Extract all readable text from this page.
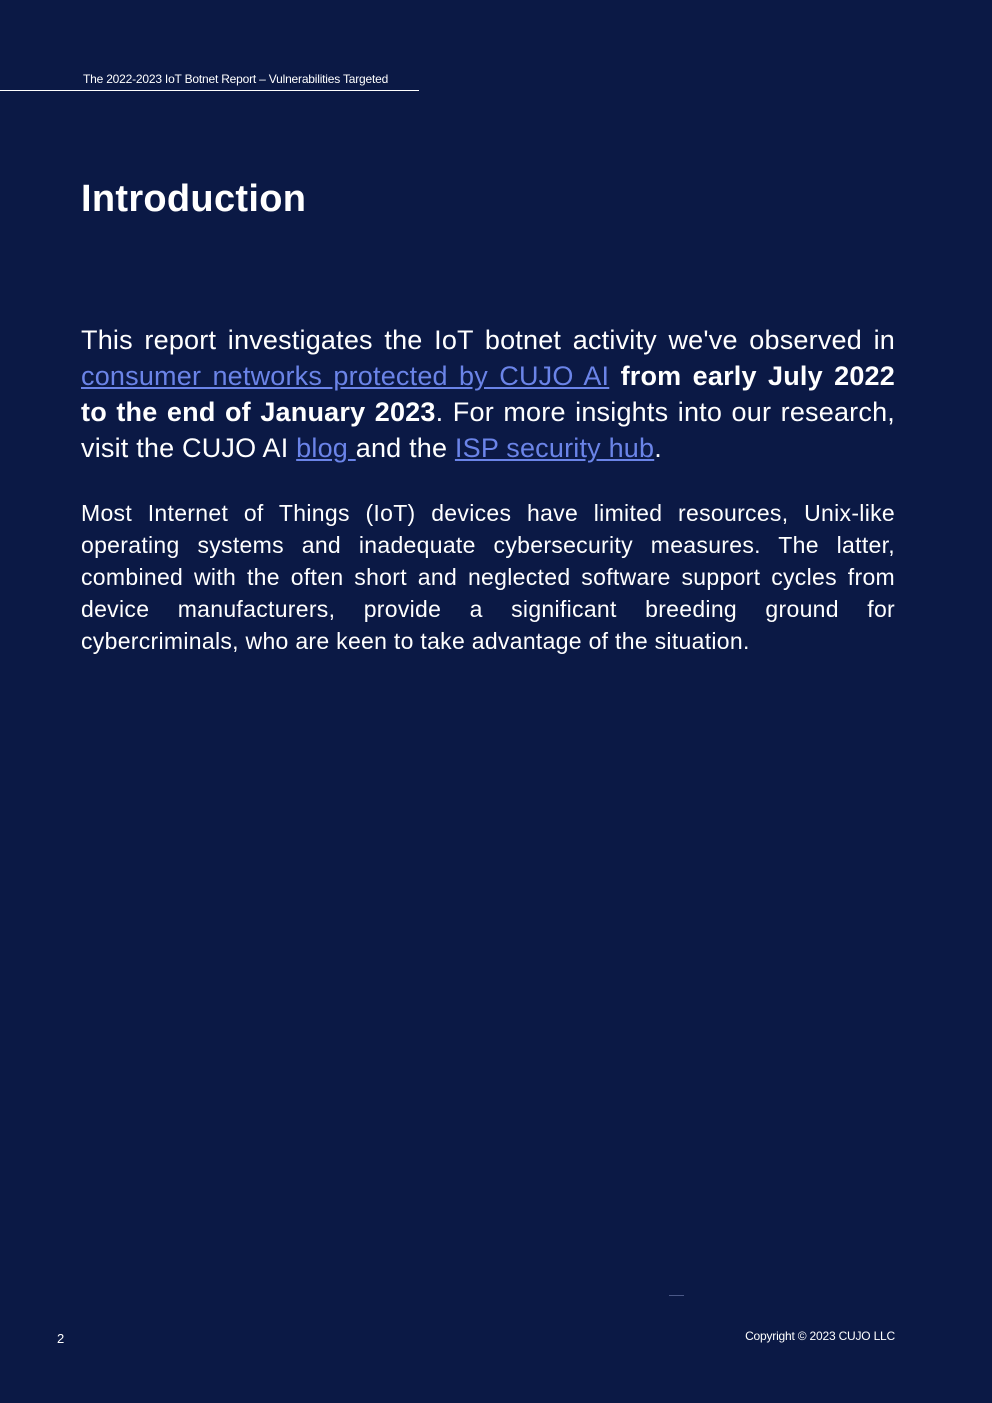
The 2022-2023 IoT Botnet Report – Vulnerabilities Targeted
Introduction

This report investigates the IoT botnet activity we've observed in consumer networks protected by CUJO AI from early July 2022 to the end of January 2023. For more insights into our research, visit the CUJO AI blog and the ISP security hub.

Most Internet of Things (IoT) devices have limited resources, Unix-like operating systems and inadequate cybersecurity measures. The latter, combined with the often short and neglected software support cycles from device manufacturers, provide a significant breeding ground for cybercriminals, who are keen to take advantage of the situation.

2	Copyright © 2023 CUJO LLC
